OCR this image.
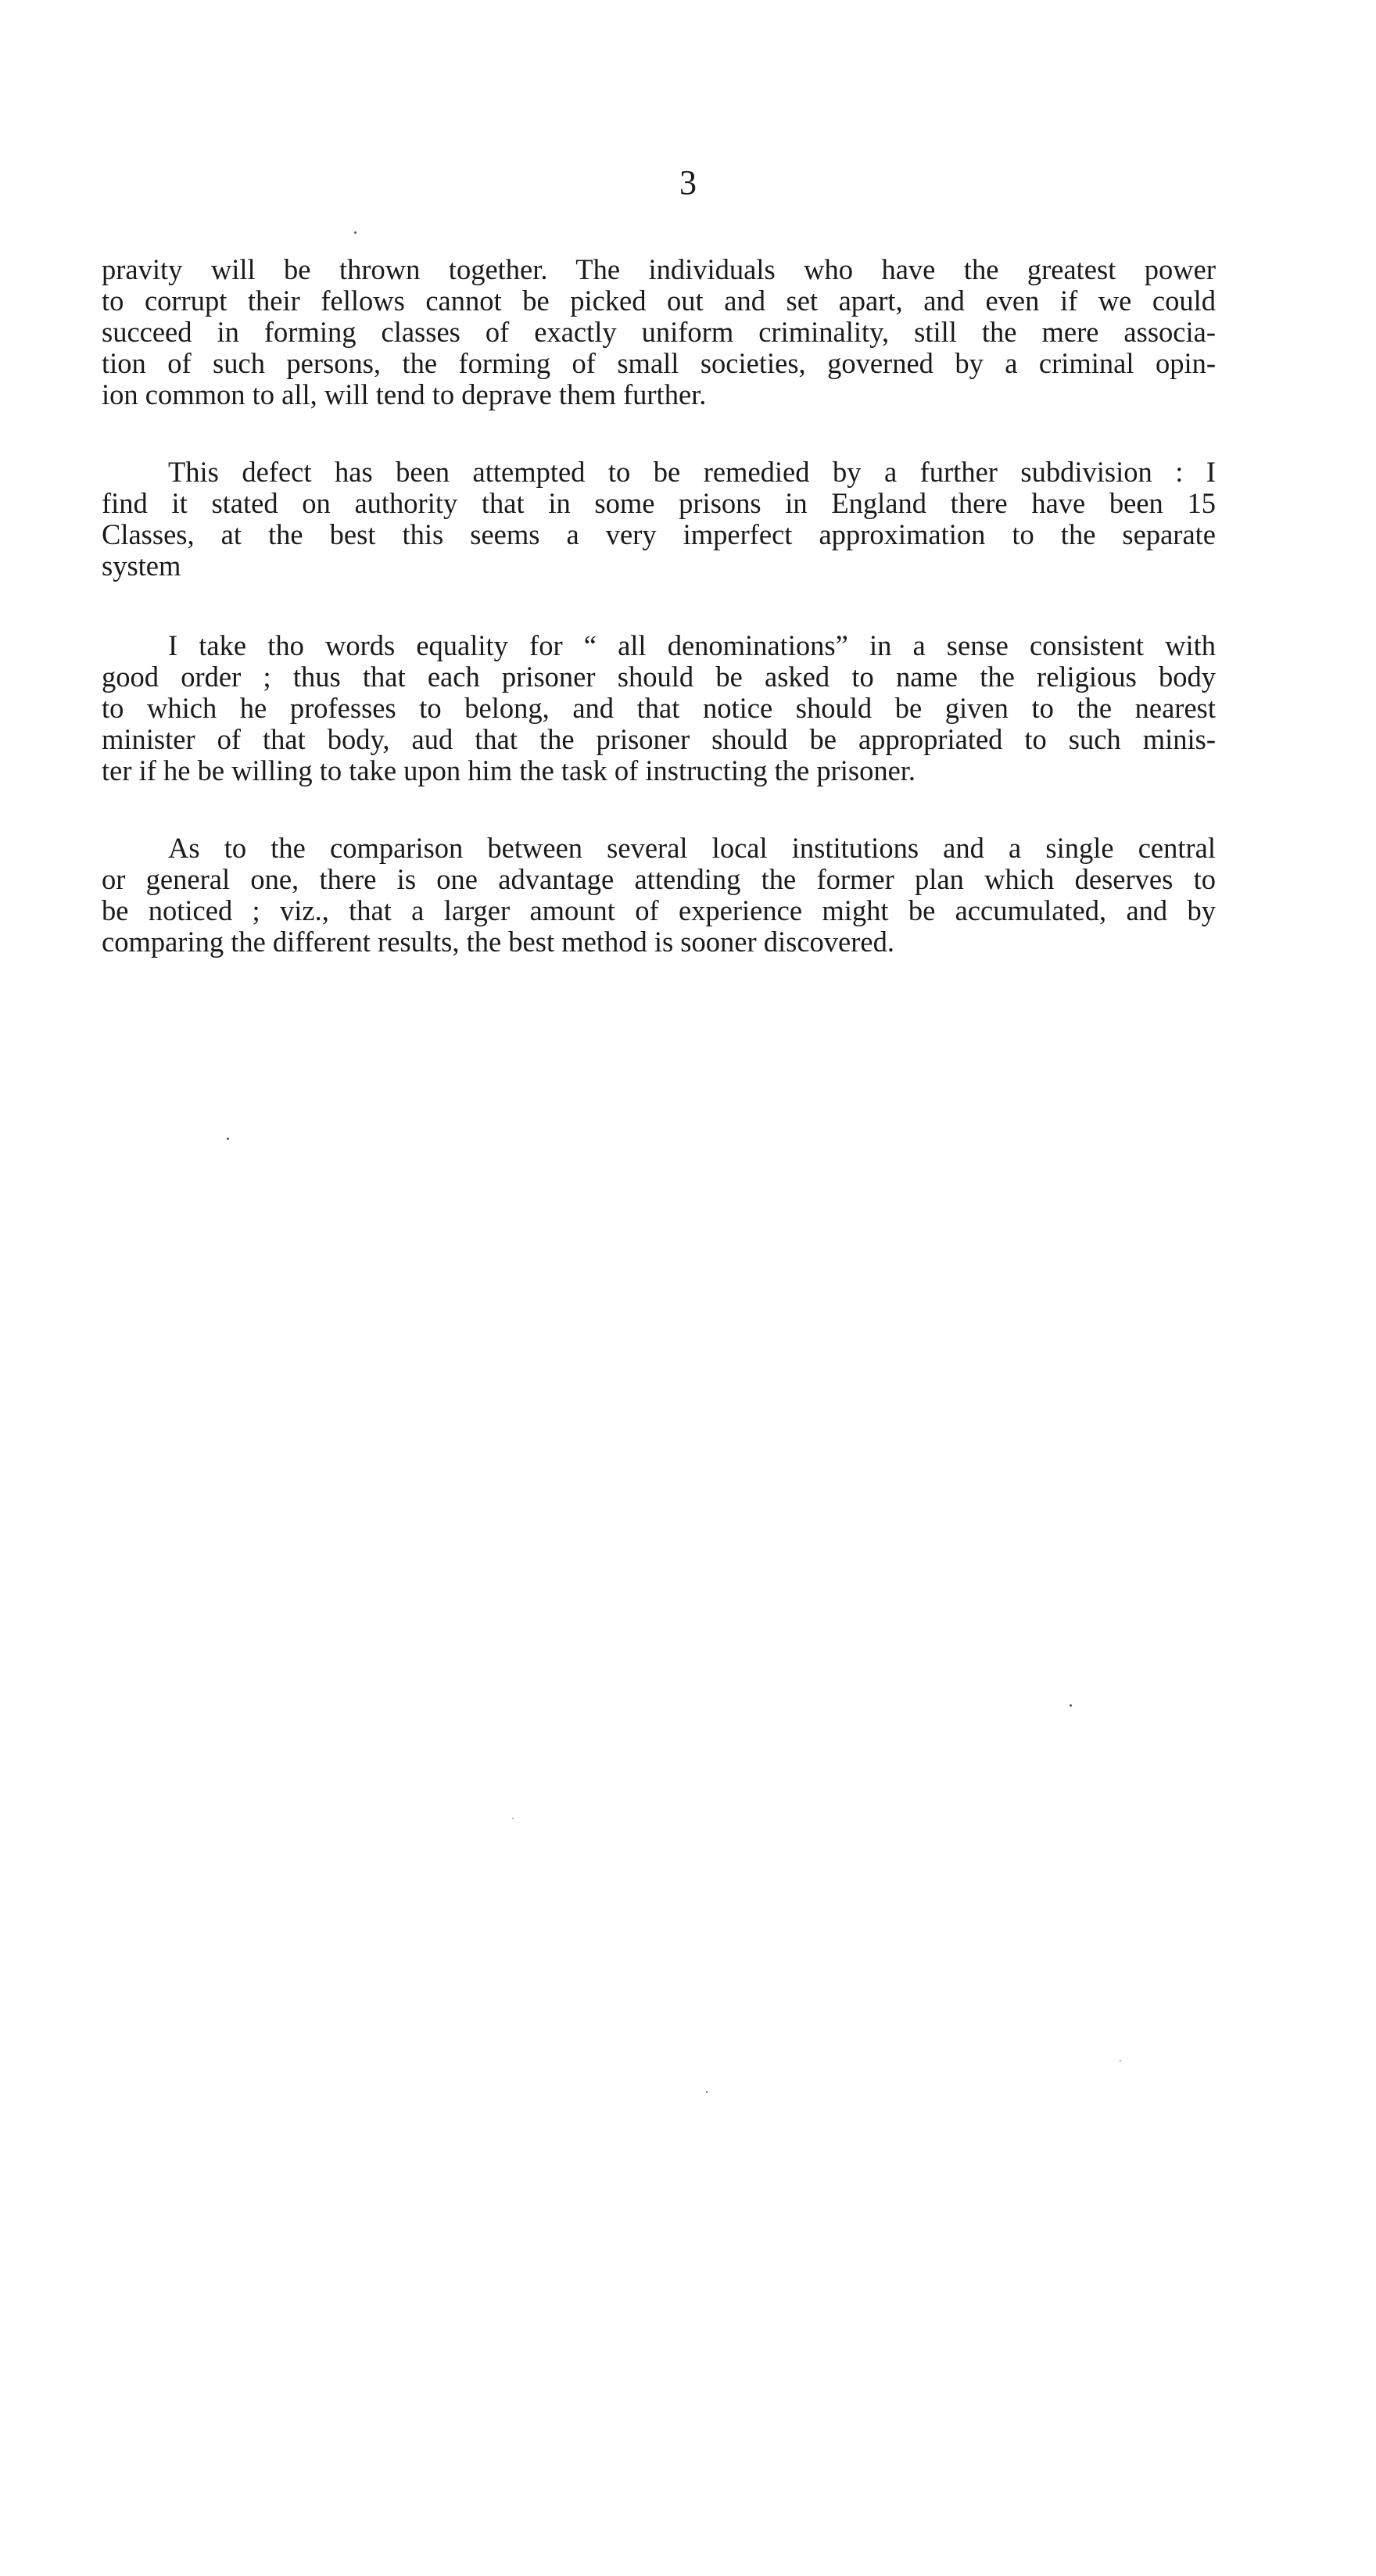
3
pravity will be thrown together. The individuals who have the greatest power
to corrupt their fellows cannot be picked out and set apart, and even if we could
succeed in forming classes of exactly uniform criminality, still the mere associa-
tion of such persons, the forming of small societies, governed by a criminal opin-
ion common to all, will tend to deprave them further.
This defect has been attempted to be remedied by a further subdivision : I
find it stated on authority that in some prisons in England there have been 15
Classes, at the best this seems a very imperfect approximation to the separate
system
I take tho words equality for “ all denominations” in a sense consistent with
good order ; thus that each prisoner should be asked to name the religious body
to which he professes to belong, and that notice should be given to the nearest
minister of that body, aud that the prisoner should be appropriated to such minis-
ter if he be willing to take upon him the task of instructing the prisoner.
As to the comparison between several local institutions and a single central
or general one, there is one advantage attending the former plan which deserves to
be noticed ; viz., that a larger amount of experience might be accumulated, and by
comparing the different results, the best method is sooner discovered.
